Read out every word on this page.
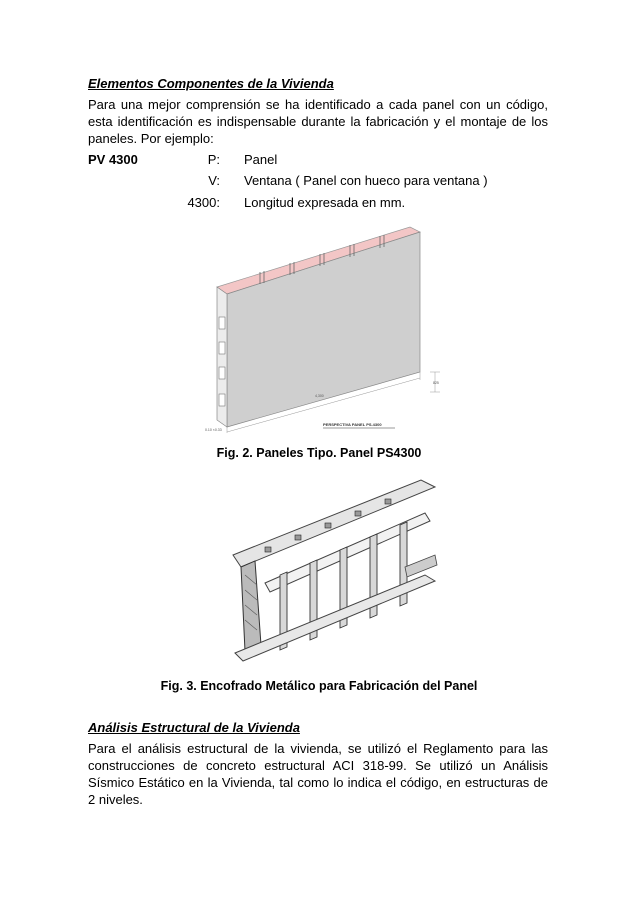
Elementos Componentes de la Vivienda
Para una mejor comprensión se ha identificado a cada panel con un código, esta identificación es indispensable durante la fabricación y el montaje de los paneles. Por ejemplo:
PV 4300	P: Panel
V: Ventana ( Panel con hueco para ventana )
4300: Longitud expresada en mm.
4,300
825
0.10 ×0.33
PERSPECTIVA PANEL PS.4300
Fig. 2. Paneles Tipo. Panel PS4300
Fig. 3. Encofrado Metálico para Fabricación del Panel
Análisis Estructural de la Vivienda
Para el análisis estructural de la vivienda, se utilizó el Reglamento para las construcciones de concreto estructural ACI 318-99. Se utilizó un Análisis Sísmico Estático en la Vivienda, tal como lo indica el código, en estructuras de 2 niveles.
